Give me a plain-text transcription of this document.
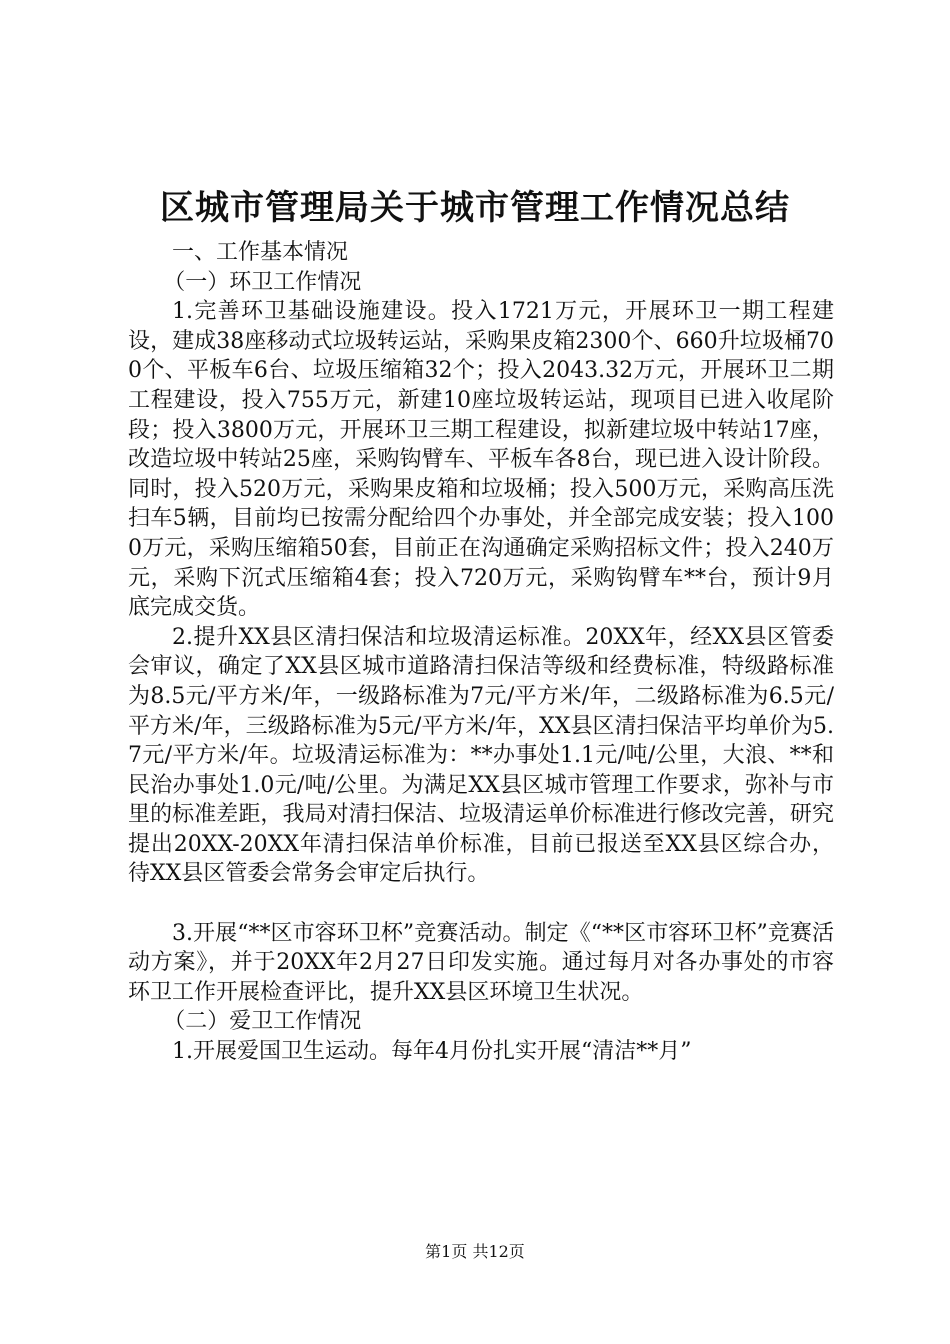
区城市管理局关于城市管理工作情况总结

一、工作基本情况

（一）环卫工作情况

1.完善环卫基础设施建设。投入1721万元，开展环卫一期工程建设，建成38座移动式垃圾转运站，采购果皮箱2300个、660升垃圾桶700个、平板车6台、垃圾压缩箱32个；投入2043.32万元，开展环卫二期工程建设，投入755万元，新建10座垃圾转运站，现项目已进入收尾阶段；投入3800万元，开展环卫三期工程建设，拟新建垃圾中转站17座，改造垃圾中转站25座，采购钩臂车、平板车各8台，现已进入设计阶段。同时，投入520万元，采购果皮箱和垃圾桶；投入500万元，采购高压洗扫车5辆，目前均已按需分配给四个办事处，并全部完成安装；投入1000万元，采购压缩箱50套，目前正在沟通确定采购招标文件；投入240万元，采购下沉式压缩箱4套；投入720万元，采购钩臂车**台，预计9月底完成交货。

2.提升XX县区清扫保洁和垃圾清运标准。20XX年，经XX县区管委会审议，确定了XX县区城市道路清扫保洁等级和经费标准，特级路标准为8.5元/平方米/年，一级路标准为7元/平方米/年，二级路标准为6.5元/平方米/年，三级路标准为5元/平方米/年，XX县区清扫保洁平均单价为5.7元/平方米/年。垃圾清运标准为：**办事处1.1元/吨/公里，大浪、**和民治办事处1.0元/吨/公里。为满足XX县区城市管理工作要求，弥补与市里的标准差距，我局对清扫保洁、垃圾清运单价标准进行修改完善，研究提出20XX-20XX年清扫保洁单价标准，目前已报送至XX县区综合办，待XX县区管委会常务会审定后执行。

3.开展“**区市容环卫杯”竞赛活动。制定《“**区市容环卫杯”竞赛活动方案》，并于20XX年2月27日印发实施。通过每月对各办事处的市容环卫工作开展检查评比，提升XX县区环境卫生状况。

（二）爱卫工作情况

1.开展爱国卫生运动。每年4月份扎实开展“清洁**月”

第1页 共12页
